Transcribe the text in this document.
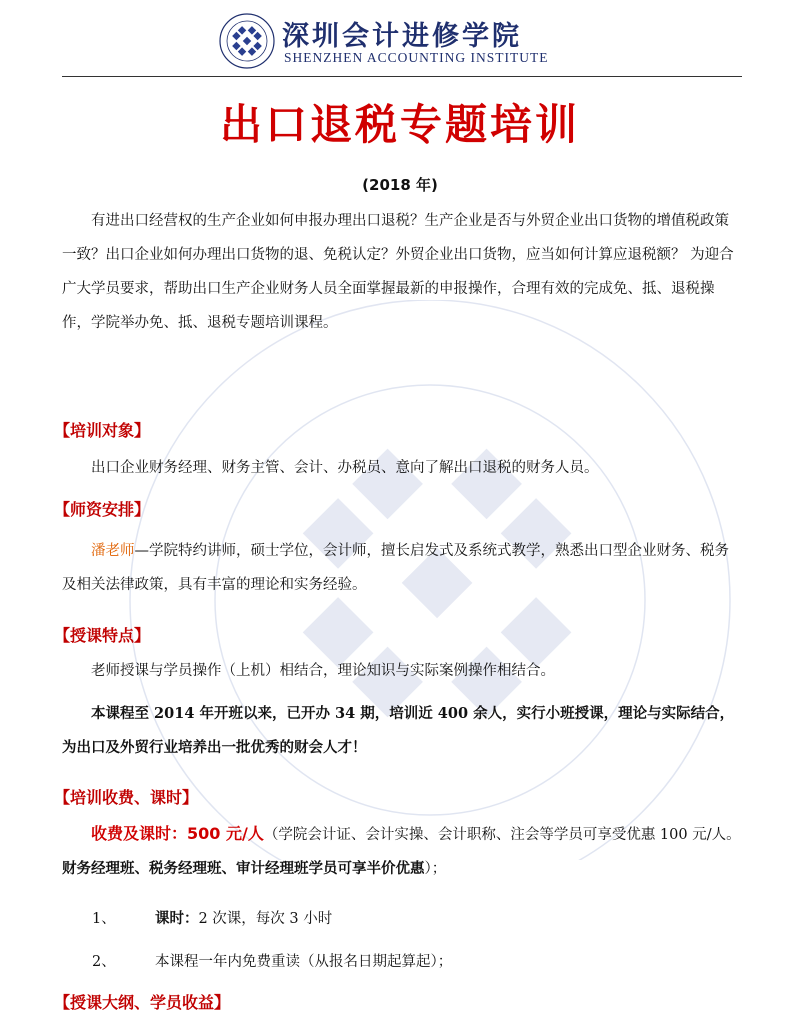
深圳会计进修学院
SHENZHEN ACCOUNTING INSTITUTE
出口退税专题培训
(2018 年)

有进出口经营权的生产企业如何申报办理出口退税？生产企业是否与外贸企业出口货物的增值税政策一致？出口企业如何办理出口货物的退、免税认定？外贸企业出口货物，应当如何计算应退税额？ 为迎合广大学员要求，帮助出口生产企业财务人员全面掌握最新的申报操作，合理有效的完成免、抵、退税操作，学院举办免、抵、退税专题培训课程。

【培训对象】

出口企业财务经理、财务主管、会计、办税员、意向了解出口退税的财务人员。

【师资安排】

潘老师—学院特约讲师，硕士学位，会计师，擅长启发式及系统式教学，熟悉出口型企业财务、税务及相关法律政策，具有丰富的理论和实务经验。

【授课特点】

老师授课与学员操作（上机）相结合，理论知识与实际案例操作相结合。

本课程至 2014 年开班以来，已开办 34 期，培训近 400 余人，实行小班授课，理论与实际结合，为出口及外贸行业培养出一批优秀的财会人才！

【培训收费、课时】

收费及课时：500 元/人（学院会计证、会计实操、会计职称、注会等学员可享受优惠 100 元/人。财务经理班、税务经理班、审计经理班学员可享半价优惠）；

1、	课时：2 次课，每次 3 小时
2、	本课程一年内免费重读（从报名日期起算起）；
【授课大纲、学员收益】
